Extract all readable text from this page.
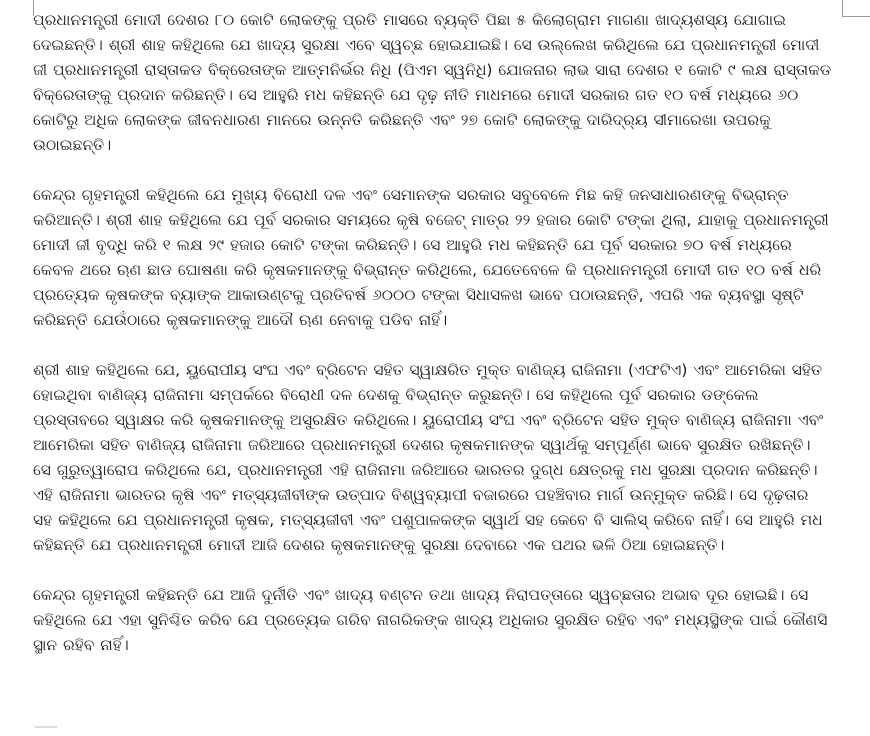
ପ୍ରଧାନମନ୍ତ୍ରୀ ମୋଦୀ ଦେଶର ୮୦ କୋଟି ଲୋକଙ୍କୁ ପ୍ରତି ମାସରେ ବ୍ୟକ୍ତି ପିଛା ୫ କିଲୋଗ୍ରାମ ମାଗଣା ଖାଦ୍ୟଶସ୍ୟ ଯୋଗାଇ ଦେଇଛନ୍ତି। ଶ୍ରୀ ଶାହ କହିଥିଲେ ଯେ ଖାଦ୍ୟ ସୁରକ୍ଷା ଏବେ ସ୍ୱଚ୍ଛ ହୋଇଯାଇଛି। ସେ ଉଲ୍ଲେଖ କରିଥିଲେ ଯେ ପ୍ରଧାନମନ୍ତ୍ରୀ ମୋଦୀ ଜୀ ପ୍ରଧାନମନ୍ତ୍ରୀ ରାସ୍ତାକଡ ବିକ୍ରେତାଙ୍କ ଆତ୍ମନିର୍ଭର ନିଧି (ପିଏମ ସ୍ୱନିଧି) ଯୋଜନାର ଲାଭ ସାରା ଦେଶର ୧ କୋଟି ୯ ଲକ୍ଷ ରାସ୍ତାକଡ ବିକ୍ରେତାଙ୍କୁ ପ୍ରଦାନ କରିଛନ୍ତି। ସେ ଆହୁରି ମଧ କହିଛନ୍ତି ଯେ ଦୃଢ଼ ନୀତି ମାଧମରେ ମୋଦୀ ସରକାର ଗତ ୧୦ ବର୍ଷ ମଧ୍ୟରେ ୬୦ କୋଟିରୁ ଅଧିକ ଲୋକଙ୍କ ଜୀବନଧାରଣ ମାନରେ ଉନ୍ନତି କରିଛନ୍ତି ଏବଂ ୨୭ କୋଟି ଲୋକଙ୍କୁ ଦାରିଦ୍ର୍ୟ ସୀମାରେଖା ଉପରକୁ ଉଠାଇଛନ୍ତି।

କେନ୍ଦ୍ର ଗୃହମନ୍ତ୍ରୀ କହିଥିଲେ ଯେ ମୁଖ୍ୟ ବିରୋଧୀ ଦଳ ଏବଂ ସେମାନଙ୍କ ସରକାର ସବୁବେଳେ ମିଛ କହି ଜନସାଧାରଣଙ୍କୁ ବିଭ୍ରାନ୍ତ କରିଆନ୍ତି। ଶ୍ରୀ ଶାହ କହିଥିଲେ ଯେ ପୂର୍ବ ସରକାର ସମୟରେ କୃଷି ବଜେଟ୍ ମାତ୍ର ୨୨ ହଜାର କୋଟି ଟଙ୍କା ଥିଲା, ଯାହାକୁ ପ୍ରଧାନମନ୍ତ୍ରୀ ମୋଦୀ ଜୀ ବୃଦ୍ଧି କରି ୧ ଲକ୍ଷ ୨୯ ହଜାର କୋଟି ଟଙ୍କା କରିଛନ୍ତି। ସେ ଆହୁରି ମଧ କହିଛନ୍ତି ଯେ ପୂର୍ବ ସରକାର ୭୦ ବର୍ଷ ମଧ୍ୟରେ କେବଳ ଥରେ ଋଣ ଛାଡ ଘୋଷଣା କରି କୃଷକମାନଙ୍କୁ ବିଭ୍ରାନ୍ତ କରିଥିଲେ, ଯେତେବେଳେ କି ପ୍ରଧାନମନ୍ତ୍ରୀ ମୋଦୀ ଗତ ୧୦ ବର୍ଷ ଧରି ପ୍ରତ୍ୟେକ କୃଷକଙ୍କ ବ୍ୟାଙ୍କ ଆକାଉଣ୍ଟକୁ ପ୍ରତିବର୍ଷ ୬୦୦୦ ଟଙ୍କା ସିଧାସଳଖ ଭାବେ ପଠାଉଛନ୍ତି, ଏପରି ଏକ ବ୍ୟବସ୍ଥା ସୃଷ୍ଟି କରିଛନ୍ତି ଯେଉଁଠାରେ କୃଷକମାନଙ୍କୁ ଆଦୌ ଋଣ ନେବାକୁ ପଡିବ ନାହିଁ।

ଶ୍ରୀ ଶାହ କହିଥିଲେ ଯେ, ୟୁରୋପୀୟ ସଂଘ ଏବଂ ବ୍ରିଟେନ ସହିତ ସ୍ୱାକ୍ଷରିତ ମୁକ୍ତ ବାଣିଜ୍ୟ ରାଜିନାମା (ଏଫଟିଏ) ଏବଂ ଆମେରିକା ସହିତ ହୋଇଥିବା ବାଣିଜ୍ୟ ରାଜିନାମା ସମ୍ପର୍କରେ ବିରୋଧୀ ଦଳ ଦେଶକୁ ବିଭ୍ରାନ୍ତ କରୁଛନ୍ତି। ସେ କହିଥିଲେ ପୂର୍ବ ସରକାର ଡଙ୍କେଲ ପ୍ରସ୍ତାବରେ ସ୍ୱାକ୍ଷର କରି କୃଷକମାନଙ୍କୁ ଅସୁରକ୍ଷିତ କରିଥିଲେ। ୟୁରୋପୀୟ ସଂଘ ଏବଂ ବ୍ରିଟେନ ସହିତ ମୁକ୍ତ ବାଣିଜ୍ୟ ରାଜିନାମା ଏବଂ ଆମେରିକା ସହିତ ବାଣିଜ୍ୟ ରାଜିନାମା ଜରିଆରେ ପ୍ରଧାନମନ୍ତ୍ରୀ ଦେଶର କୃଷକମାନଙ୍କ ସ୍ୱାର୍ଥକୁ ସମ୍ପୂର୍ଣ୍ଣ ଭାବେ ସୁରକ୍ଷିତ ରଖିଛନ୍ତି। ସେ ଗୁରୁତ୍ୱାରୋପ କରିଥିଲେ ଯେ, ପ୍ରଧାନମନ୍ତ୍ରୀ ଏହି ରାଜିନାମା ଜରିଆରେ ଭାରତର ଦୁଗ୍ଧ କ୍ଷେତ୍ରକୁ ମଧ ସୁରକ୍ଷା ପ୍ରଦାନ କରିଛନ୍ତି। ଏହି ରାଜିନାମା ଭାରତର କୃଷି ଏବଂ ମତ୍ସ୍ୟଜୀବୀଙ୍କ ଉତ୍ପାଦ ବିଶ୍ୱବ୍ୟାପୀ ବଜାରରେ ପହଞ୍ଚିବାର ମାର୍ଗ ଉନ୍ମୁକ୍ତ କରିଛି। ସେ ଦୃଢ଼ତାର ସହ କହିଥିଲେ ଯେ ପ୍ରଧାନମନ୍ତ୍ରୀ କୃଷକ, ମତ୍ସ୍ୟଜୀବୀ ଏବଂ ପଶୁପାଳକଙ୍କ ସ୍ୱାର୍ଥ ସହ କେବେ ବି ସାଲିସ୍ କରିବେ ନାହିଁ। ସେ ଆହୁରି ମଧ କହିଛନ୍ତି ଯେ ପ୍ରଧାନମନ୍ତ୍ରୀ ମୋଦୀ ଆଜି ଦେଶର କୃଷକମାନଙ୍କୁ ସୁରକ୍ଷା ଦେବାରେ ଏକ ପଥର ଭଳି ଠିଆ ହୋଇଛନ୍ତି।

କେନ୍ଦ୍ର ଗୃହମନ୍ତ୍ରୀ କହିଛନ୍ତି ଯେ ଆଜି ଦୁର୍ନୀତି ଏବଂ ଖାଦ୍ୟ ବଣ୍ଟନ ତଥା ଖାଦ୍ୟ ନିରାପତ୍ତାରେ ସ୍ୱଚ୍ଛତାର ଅଭାବ ଦୂର ହୋଇଛି। ସେ କହିଥିଲେ ଯେ ଏହା ସୁନିଶ୍ଚିତ କରିବ ଯେ ପ୍ରତ୍ୟେକ ଗରିବ ନାଗରିକଙ୍କ ଖାଦ୍ୟ ଅଧିକାର ସୁରକ୍ଷିତ ରହିବ ଏବଂ ମଧ୍ୟସ୍ଥିଙ୍କ ପାଇଁ କୌଣସି ସ୍ଥାନ ରହିବ ନାହିଁ।
